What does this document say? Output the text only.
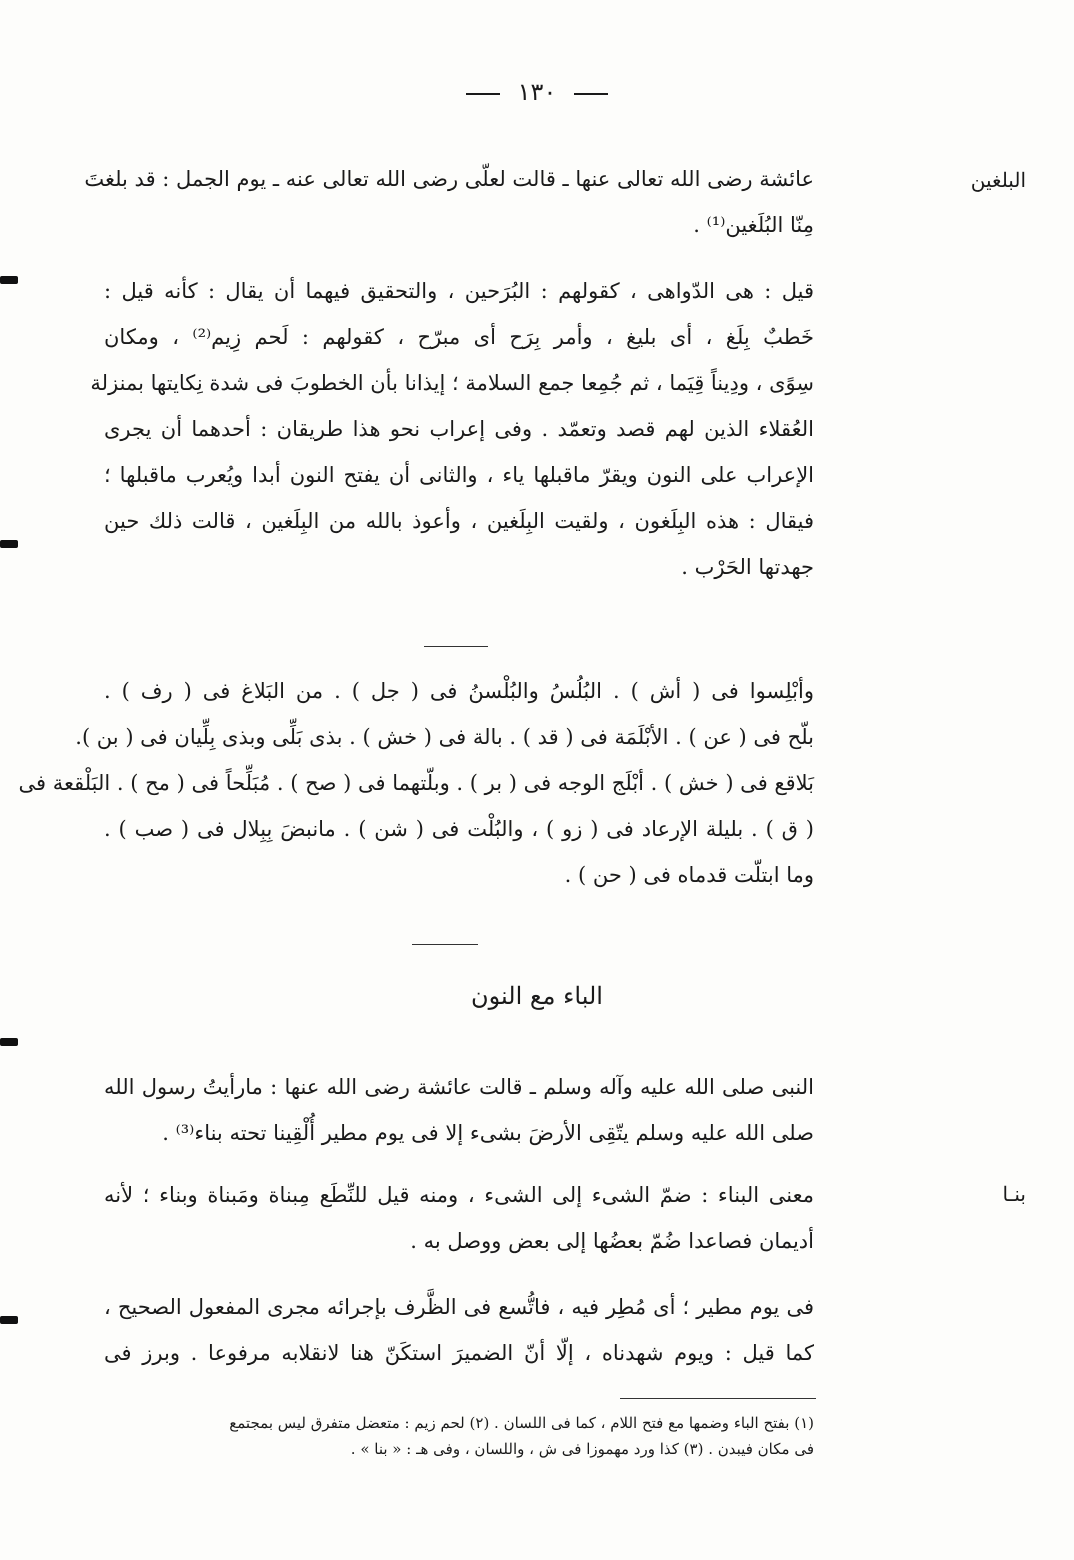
١٣٠
البلغين
بنـا
عائشة رضى الله تعالى عنها ـ قالت لعلّى رضى الله تعالى عنه ـ يوم الجمل : قد بلغتَ
مِنّا البُلَغين⁽¹⁾ .
قيل : هى الدّواهى ، كقولهم : البُرَحين ، والتحقيق فيهما أن يقال : كأنه قيل :
خَطبٌ بِلَغ ، أى بليغ ، وأمر بِرَح أى مبرّح ، كقولهم : لَحم زِيم⁽²⁾ ، ومكان
سِوًى ، ودِيناً قِيَما ، ثم جُمِعا جمع السلامة ؛ إيذانا بأن الخطوبَ فى شدة نِكايتها بمنزلة
العُقلاء الذين لهم قصد وتعمّد . وفى إعراب نحو هذا طريقان : أحدهما أن يجرى
الإعراب على النون ويقرّ ماقبلها ياء ، والثانى أن يفتح النون أبدا ويُعرب ماقبلها ؛
فيقال : هذه البِلَغون ، ولقيت البِلَغين ، وأعوذ بالله من البِلَغين ، قالت ذلك حين
جهدتها الحَرْب .
وأبْلِسوا فى ( أش ) . البُلُسُ والبُلْسنُ فى ( جل ) . من البَلاغ فى ( رف ) .
بلّح فى ( عن ) . الأبْلَمَة فى ( قد ) . بالة فى ( خش ) . بذى بَلِّى وبذى بِلِّيان فى ( بن ).
بَلاقع فى ( خش ) . أبْلَج الوجه فى ( بر ) . وبلّتهما فى ( صح ) . مُبَلِّحاً فى ( مح ) . البَلْقعة فى
( ق ) . بليلة الإرعاد فى ( زو ) ، والبُلْت فى ( شن ) . مانبضَ بِبِلال فى ( صب ) .
وما ابتلّت قدماه فى ( حن ) .
الباء مع النون
النبى صلى الله عليه وآله وسلم ـ قالت عائشة رضى الله عنها : مارأيتُ رسول الله
صلى الله عليه وسلم يتّقِى الأرضَ بشىء إلا فى يوم مطير أُلْقِينا تحته بناء⁽³⁾ .
معنى البناء : ضمّ الشىء إلى الشىء ، ومنه قيل للنِّطَع مِبناة ومَبناة وبناء ؛ لأنه
أديمان فصاعدا ضُمّ بعضُها إلى بعض ووصل به .
فى يوم مطير ؛ أى مُطِر فيه ، فاتُّسع فى الظَّرف بإجرائه مجرى المفعول الصحيح ،
كما قيل : ويوم شهدناه ، إلّا أنّ الضميرَ استكَنّ هنا لانقلابه مرفوعا . وبرز فى
(١) بفتح الباء وضمها مع فتح اللام ، كما فى اللسان . (٢) لحم زيم : متعضل متفرق ليس بمجتمع
فى مكان فيبدن . (٣) كذا ورد مهموزا فى ش ، واللسان ، وفى هـ : « بنا » .
